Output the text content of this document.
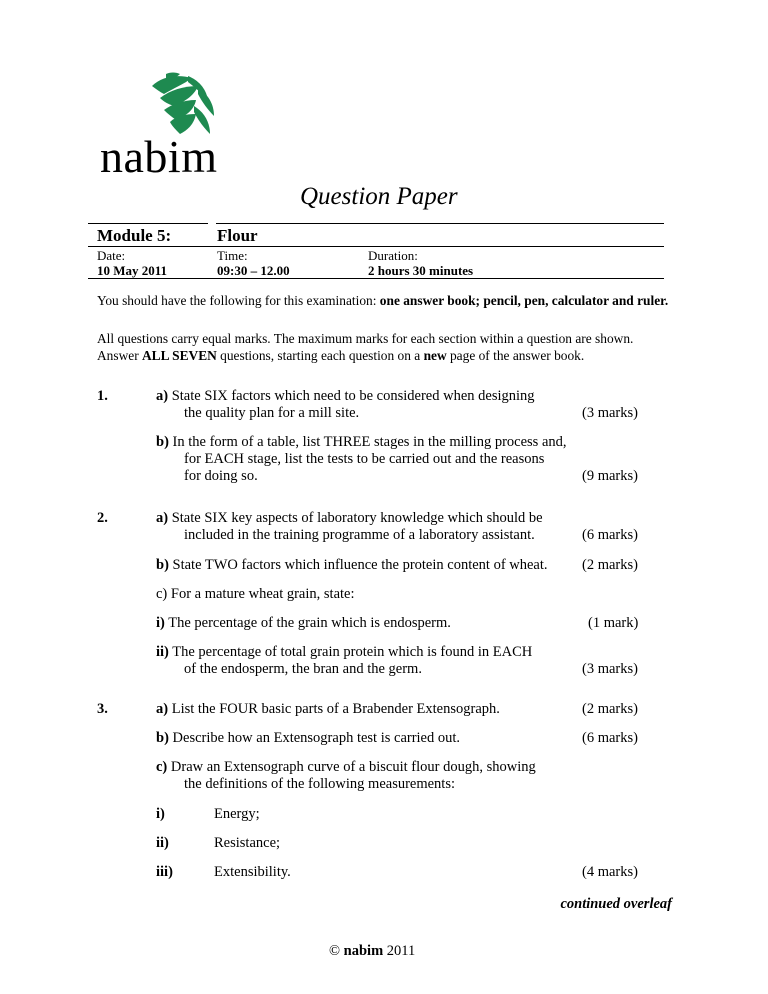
nabim
Question Paper
Module 5:	Flour
Date:
10 May 2011
Time:
09:30 – 12.00
Duration:
2 hours 30 minutes
You should have the following for this examination: one answer book; pencil, pen, calculator and ruler.
All questions carry equal marks. The maximum marks for each section within a question are shown.
Answer ALL SEVEN questions, starting each question on a new page of the answer book.
1.	a) State SIX factors which need to be considered when designing
the quality plan for a mill site.	(3 marks)
b) In the form of a table, list THREE stages in the milling process and,
for EACH stage, list the tests to be carried out and the reasons
for doing so.	(9 marks)
2.	a) State SIX key aspects of laboratory knowledge which should be
included in the training programme of a laboratory assistant.	(6 marks)
b) State TWO factors which influence the protein content of wheat.	(2 marks)
c) For a mature wheat grain, state:
i) The percentage of the grain which is endosperm.	(1 mark)
ii) The percentage of total grain protein which is found in EACH
of the endosperm, the bran and the germ.	(3 marks)
3.	a) List the FOUR basic parts of a Brabender Extensograph.	(2 marks)
b) Describe how an Extensograph test is carried out.	(6 marks)
c) Draw an Extensograph curve of a biscuit flour dough, showing
the definitions of the following measurements:
i)	Energy;
ii)	Resistance;
iii)	Extensibility.	(4 marks)
continued overleaf
© nabim 2011
